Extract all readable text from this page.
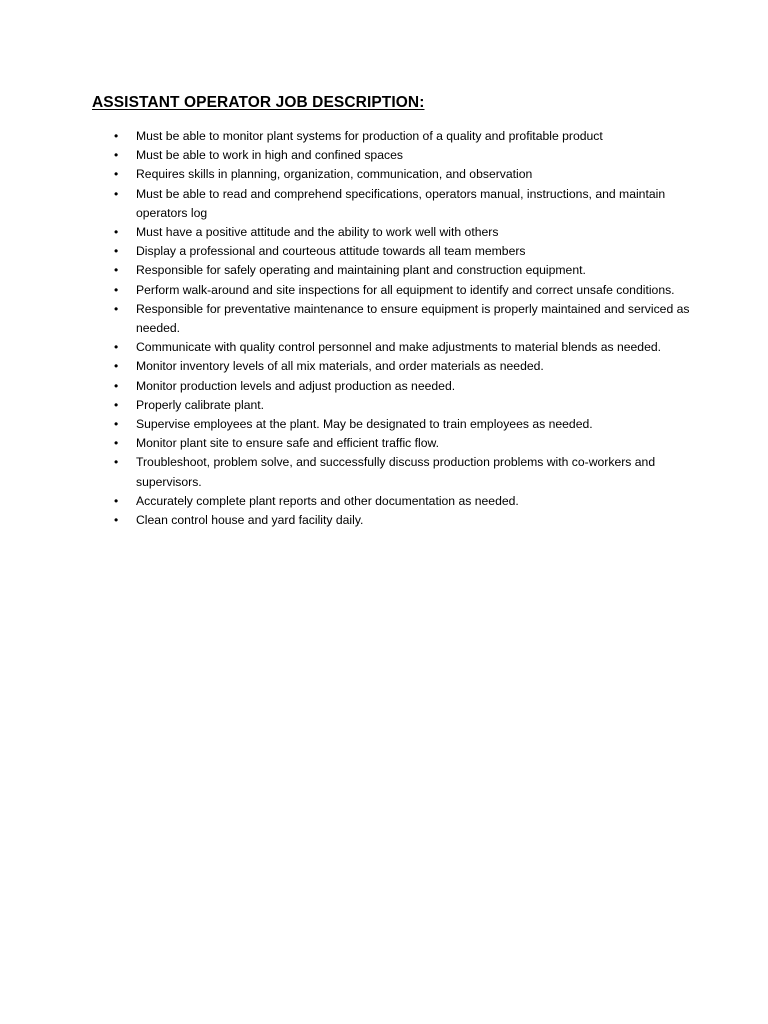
ASSISTANT OPERATOR JOB DESCRIPTION:
• Must be able to monitor plant systems for production of a quality and profitable product
• Must be able to work in high and confined spaces
• Requires skills in planning, organization, communication, and observation
• Must be able to read and comprehend specifications, operators manual, instructions, and maintain operators log
• Must have a positive attitude and the ability to work well with others
• Display a professional and courteous attitude towards all team members
• Responsible for safely operating and maintaining plant and construction equipment.
• Perform walk-around and site inspections for all equipment to identify and correct unsafe conditions.
• Responsible for preventative maintenance to ensure equipment is properly maintained and serviced as needed.
• Communicate with quality control personnel and make adjustments to material blends as needed.
• Monitor inventory levels of all mix materials, and order materials as needed.
• Monitor production levels and adjust production as needed.
• Properly calibrate plant.
• Supervise employees at the plant. May be designated to train employees as needed.
• Monitor plant site to ensure safe and efficient traffic flow.
• Troubleshoot, problem solve, and successfully discuss production problems with co-workers and supervisors.
• Accurately complete plant reports and other documentation as needed.
• Clean control house and yard facility daily.
